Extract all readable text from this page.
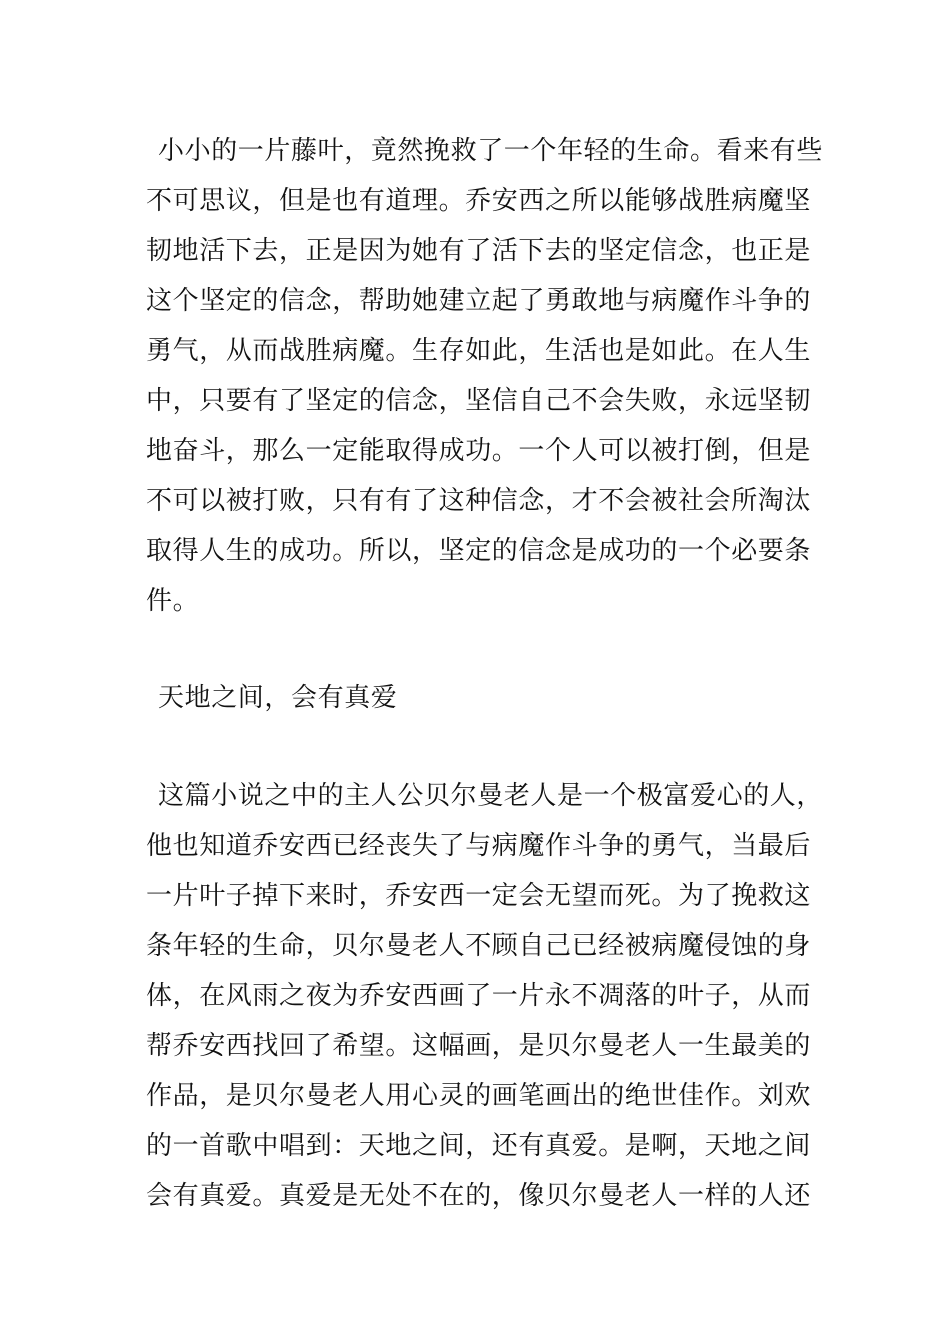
小小的一片藤叶，竟然挽救了一个年轻的生命。看来有些
不可思议，但是也有道理。乔安西之所以能够战胜病魔坚
韧地活下去，正是因为她有了活下去的坚定信念，也正是
这个坚定的信念，帮助她建立起了勇敢地与病魔作斗争的
勇气，从而战胜病魔。生存如此，生活也是如此。在人生
中，只要有了坚定的信念，坚信自己不会失败，永远坚韧
地奋斗，那么一定能取得成功。一个人可以被打倒，但是
不可以被打败，只有有了这种信念，才不会被社会所淘汰
取得人生的成功。所以，坚定的信念是成功的一个必要条
件。
天地之间，会有真爱
这篇小说之中的主人公贝尔曼老人是一个极富爱心的人，
他也知道乔安西已经丧失了与病魔作斗争的勇气，当最后
一片叶子掉下来时，乔安西一定会无望而死。为了挽救这
条年轻的生命，贝尔曼老人不顾自己已经被病魔侵蚀的身
体，在风雨之夜为乔安西画了一片永不凋落的叶子，从而
帮乔安西找回了希望。这幅画，是贝尔曼老人一生最美的
作品，是贝尔曼老人用心灵的画笔画出的绝世佳作。刘欢
的一首歌中唱到：天地之间，还有真爱。是啊，天地之间
会有真爱。真爱是无处不在的，像贝尔曼老人一样的人还
